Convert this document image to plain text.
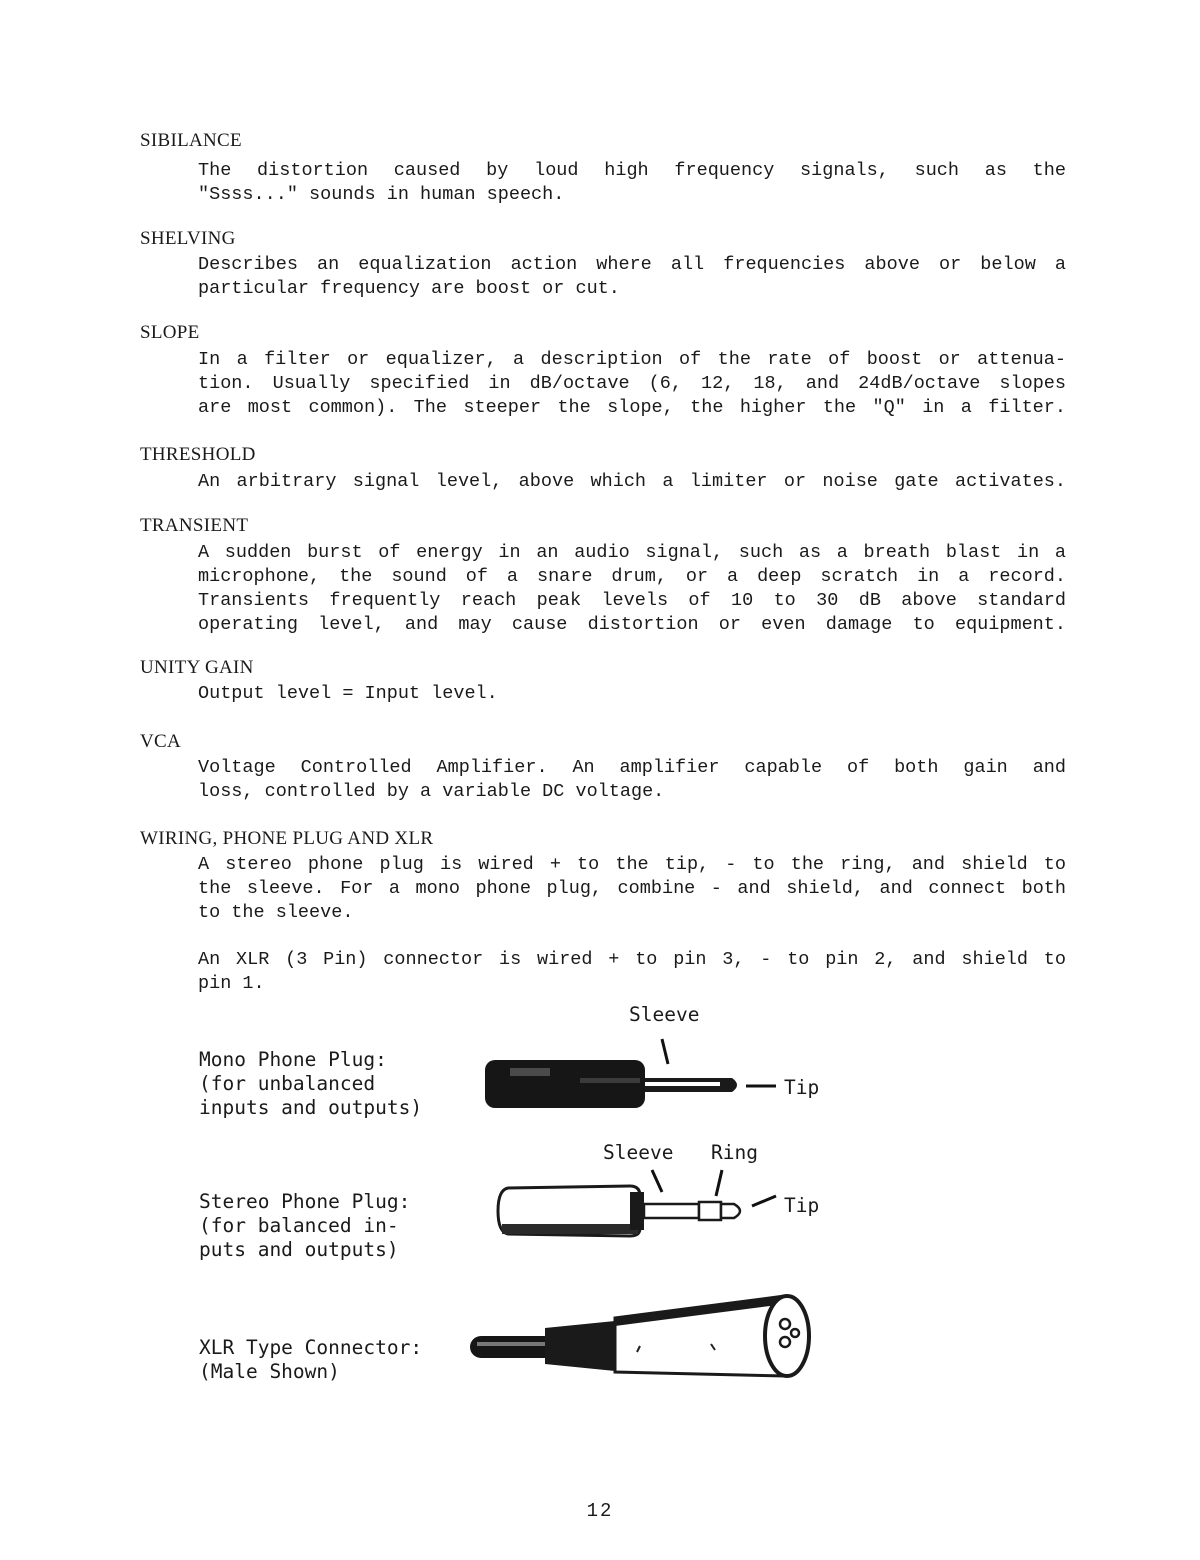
SIBILANCE
The distortion caused by loud high frequency signals, such as the
"Ssss..." sounds in human speech.
SHELVING
Describes an equalization action where all frequencies above or below a
particular frequency are boost or cut.
SLOPE
In a filter or equalizer, a description of the rate of boost or attenua-
tion. Usually specified in dB/octave (6, 12, 18, and 24dB/octave slopes
are most common). The steeper the slope, the higher the "Q" in a filter.
THRESHOLD
An arbitrary signal level, above which a limiter or noise gate activates.
TRANSIENT
A sudden burst of energy in an audio signal, such as a breath blast in a
microphone, the sound of a snare drum, or a deep scratch in a record.
Transients frequently reach peak levels of 10 to 30 dB above standard
operating level, and may cause distortion or even damage to equipment.
UNITY GAIN
Output level = Input level.
VCA
Voltage Controlled Amplifier. An amplifier capable of both gain and
loss, controlled by a variable DC voltage.
WIRING, PHONE PLUG AND XLR
A stereo phone plug is wired + to the tip, - to the ring, and shield to
the sleeve. For a mono phone plug, combine - and shield, and connect both
to the sleeve.
An XLR (3 Pin) connector is wired + to pin 3, - to pin 2, and shield to
pin 1.
Sleeve
Mono Phone Plug:
(for unbalanced
inputs and outputs)
Tip
Sleeve Ring
Stereo Phone Plug:
(for balanced in-
puts and outputs)
Tip
XLR Type Connector:
(Male Shown)
12
